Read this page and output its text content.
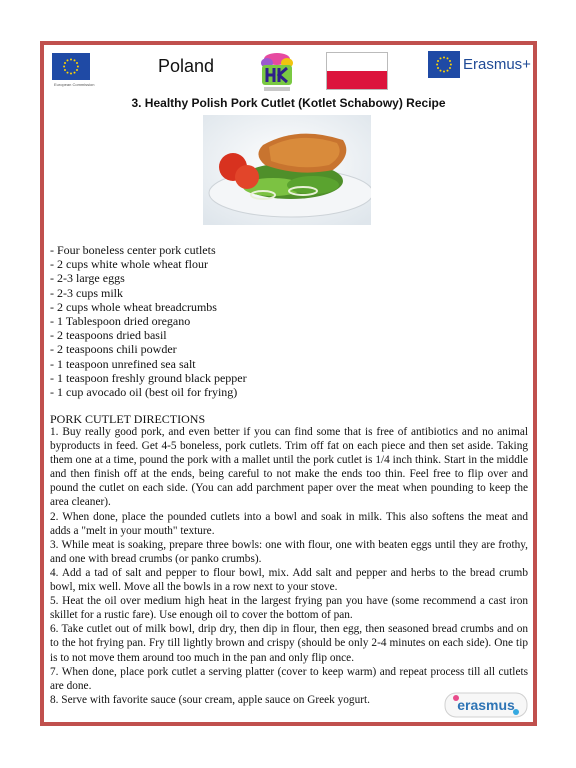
European Commission
Poland	Erasmus+
3. Healthy Polish Pork Cutlet (Kotlet Schabowy) Recipe
- Four boneless center pork cutlets
- 2 cups white whole wheat flour
- 2-3 large eggs
- 2-3 cups milk
- 2 cups whole wheat breadcrumbs
- 1 Tablespoon dried oregano
- 2 teaspoons dried basil
- 2 teaspoons chili powder
- 1 teaspoon unrefined sea salt
- 1 teaspoon freshly ground black pepper
- 1 cup avocado oil (best oil for frying)
PORK CUTLET DIRECTIONS
1. Buy really good pork, and even better if you can find some that is free of antibiotics and no animal byproducts in feed. Get 4-5 boneless, pork cutlets. Trim off fat on each piece and then set aside. Taking them one at a time, pound the pork with a mallet until the pork cutlet is 1/4 inch think. Start in the middle and then finish off at the ends, being careful to not make the ends too thin. Feel free to flip over and pound the cutlet on each side. (You can add parchment paper over the meat when pounding to keep the area cleaner).
2. When done, place the pounded cutlets into a bowl and soak in milk. This also softens the meat and adds a "melt in your mouth" texture.
3. While meat is soaking, prepare three bowls: one with flour, one with beaten eggs until they are frothy, and one with bread crumbs (or panko crumbs).
4. Add a tad of salt and pepper to flour bowl, mix. Add salt and pepper and herbs to the bread crumb bowl, mix well. Move all the bowls in a row next to your stove.
5. Heat the oil over medium high heat in the largest frying pan you have (some recommend a cast iron skillet for a rustic fare). Use enough oil to cover the bottom of pan.
6. Take cutlet out of milk bowl, drip dry, then dip in flour, then egg, then seasoned bread crumbs and on to the hot frying pan. Fry till lightly brown and crispy (should be only 2-4 minutes on each side). One tip is to not move them around too much in the pan and only flip once.
7. When done, place pork cutlet a serving platter (cover to keep warm) and repeat process till all cutlets are done.
8. Serve with favorite sauce (sour cream, apple sauce on Greek yogurt.	erasmus
